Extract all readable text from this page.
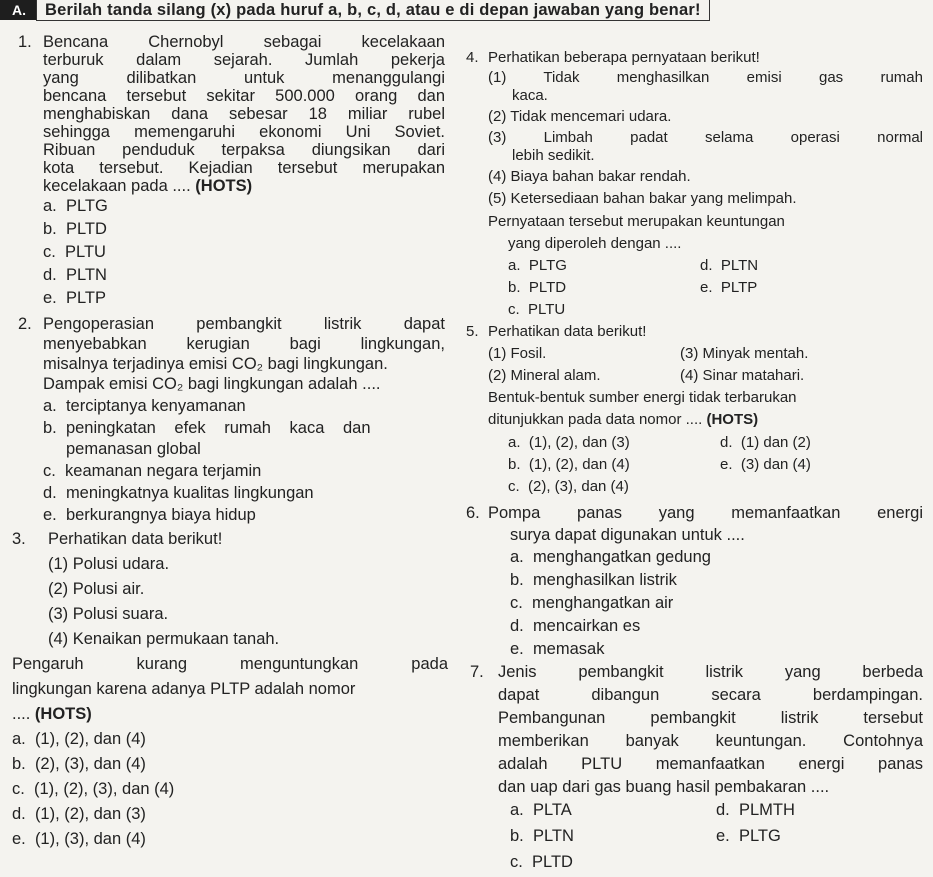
A.	Berilah tanda silang (x) pada huruf a, b, c, d, atau e di depan jawaban yang benar!
1. Bencana Chernobyl sebagai kecelakaan
terburuk dalam sejarah. Jumlah pekerja
yang dilibatkan untuk menanggulangi
bencana tersebut sekitar 500.000 orang dan
menghabiskan dana sebesar 18 miliar rubel
sehingga memengaruhi ekonomi Uni Soviet.
Ribuan penduduk terpaksa diungsikan dari
kota tersebut. Kejadian tersebut merupakan
kecelakaan pada .... (HOTS)
a. PLTG
b. PLTD
c. PLTU
d. PLTN
e. PLTP
2. Pengoperasian pembangkit listrik dapat
menyebabkan kerugian bagi lingkungan,
misalnya terjadinya emisi CO₂ bagi lingkungan.
Dampak emisi CO₂ bagi lingkungan adalah ....
a. terciptanya kenyamanan
b. peningkatan efek rumah kaca dan
pemanasan global
c. keamanan negara terjamin
d. meningkatnya kualitas lingkungan
e. berkurangnya biaya hidup
3. Perhatikan data berikut!
(1) Polusi udara.
(2) Polusi air.
(3) Polusi suara.
(4) Kenaikan permukaan tanah.
Pengaruh kurang menguntungkan pada
lingkungan karena adanya PLTP adalah nomor
.... (HOTS)
a. (1), (2), dan (4)
b. (2), (3), dan (4)
c. (1), (2), (3), dan (4)
d. (1), (2), dan (3)
e. (1), (3), dan (4)
4. Perhatikan beberapa pernyataan berikut!
(1) Tidak menghasilkan emisi gas rumah
kaca.
(2) Tidak mencemari udara.
(3) Limbah padat selama operasi normal
lebih sedikit.
(4) Biaya bahan bakar rendah.
(5) Ketersediaan bahan bakar yang melimpah.
Pernyataan tersebut merupakan keuntungan
yang diperoleh dengan ....
a. PLTG	d. PLTN
b. PLTD	e. PLTP
c. PLTU
5. Perhatikan data berikut!
(1) Fosil.	(3) Minyak mentah.
(2) Mineral alam.	(4) Sinar matahari.
Bentuk-bentuk sumber energi tidak terbarukan
ditunjukkan pada data nomor .... (HOTS)
a. (1), (2), dan (3)	d. (1) dan (2)
b. (1), (2), dan (4)	e. (3) dan (4)
c. (2), (3), dan (4)
6. Pompa panas yang memanfaatkan energi
surya dapat digunakan untuk ....
a. menghangatkan gedung
b. menghasilkan listrik
c. menghangatkan air
d. mencairkan es
e. memasak
7. Jenis pembangkit listrik yang berbeda
dapat dibangun secara berdampingan.
Pembangunan pembangkit listrik tersebut
memberikan banyak keuntungan. Contohnya
adalah PLTU memanfaatkan energi panas
dan uap dari gas buang hasil pembakaran ....
a. PLTA	d. PLMTH
b. PLTN	e. PLTG
c. PLTD
